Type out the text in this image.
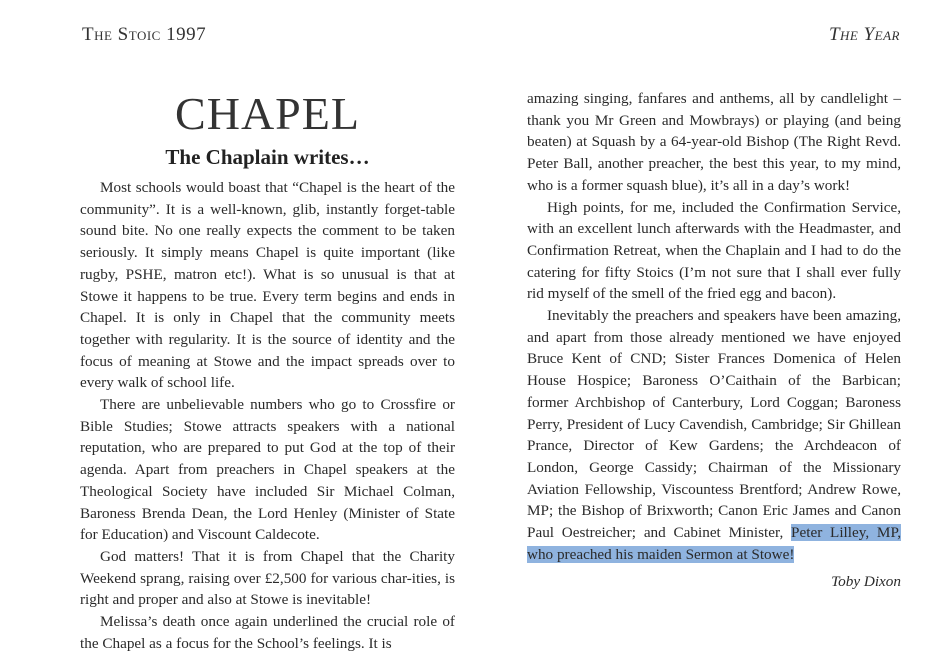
The Stoic 1997	The Year
CHAPEL
The Chaplain writes…

Most schools would boast that “Chapel is the heart of the community”. It is a well-known, glib, instantly forget-table sound bite. No one really expects the comment to be taken seriously. It simply means Chapel is quite important (like rugby, PSHE, matron etc!). What is so unusual is that at Stowe it happens to be true. Every term begins and ends in Chapel. It is only in Chapel that the community meets together with regularity. It is the source of identity and the focus of meaning at Stowe and the impact spreads over to every walk of school life.

There are unbelievable numbers who go to Crossfire or Bible Studies; Stowe attracts speakers with a national reputation, who are prepared to put God at the top of their agenda. Apart from preachers in Chapel speakers at the Theological Society have included Sir Michael Colman, Baroness Brenda Dean, the Lord Henley (Minister of State for Education) and Viscount Caldecote.

God matters! That it is from Chapel that the Charity Weekend sprang, raising over £2,500 for various char-ities, is right and proper and also at Stowe is inevitable!

Melissa’s death once again underlined the crucial role of the Chapel as a focus for the School’s feelings. It is

amazing singing, fanfares and anthems, all by candlelight – thank you Mr Green and Mowbrays) or playing (and being beaten) at Squash by a 64-year-old Bishop (The Right Revd. Peter Ball, another preacher, the best this year, to my mind, who is a former squash blue), it’s all in a day’s work!

High points, for me, included the Confirmation Service, with an excellent lunch afterwards with the Headmaster, and Confirmation Retreat, when the Chaplain and I had to do the catering for fifty Stoics (I’m not sure that I shall ever fully rid myself of the smell of the fried egg and bacon).

Inevitably the preachers and speakers have been amazing, and apart from those already mentioned we have enjoyed Bruce Kent of CND; Sister Frances Domenica of Helen House Hospice; Baroness O’Caithain of the Barbican; former Archbishop of Canterbury, Lord Coggan; Baroness Perry, President of Lucy Cavendish, Cambridge; Sir Ghillean Prance, Director of Kew Gardens; the Archdeacon of London, George Cassidy; Chairman of the Missionary Aviation Fellowship, Viscountess Brentford; Andrew Rowe, MP; the Bishop of Brixworth; Canon Eric James and Canon Paul Oestreicher; and Cabinet Minister, Peter Lilley, MP, who preached his maiden Sermon at Stowe!

Toby Dixon
